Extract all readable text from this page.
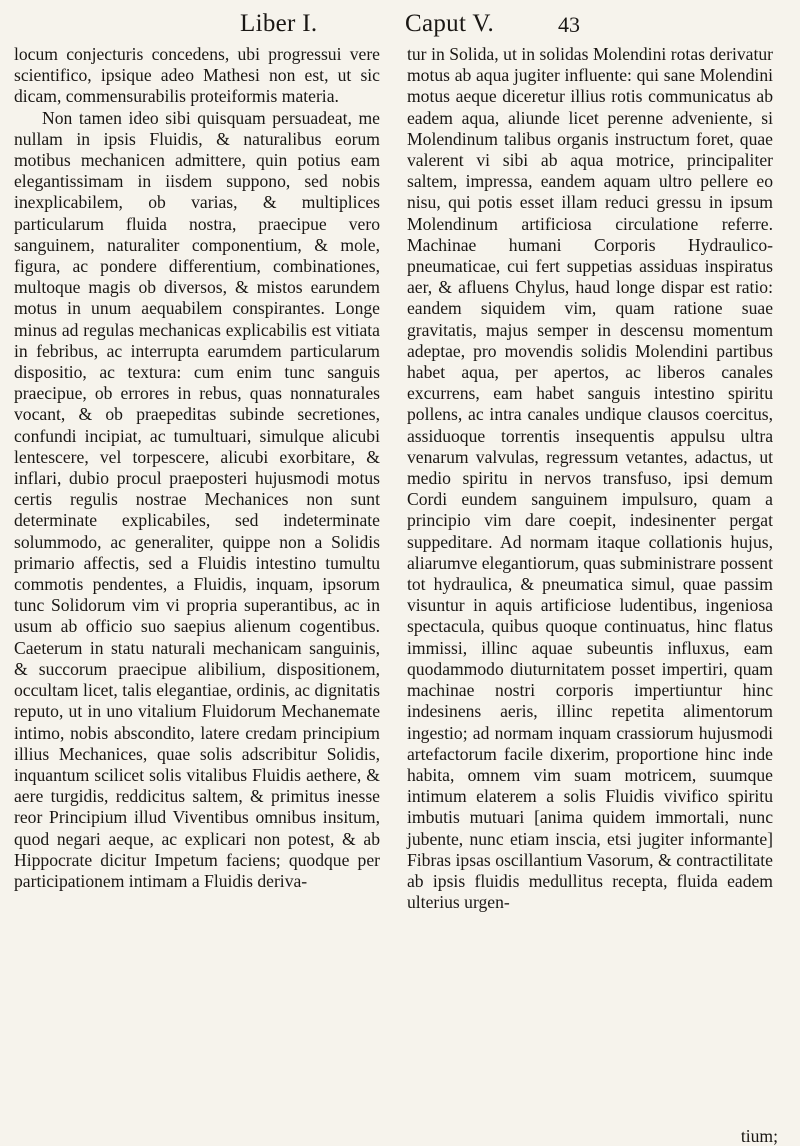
Liber I.	Caput V.	43

locum conjecturis concedens, ubi progressui vere scientifico, ipsique adeo Mathesi non est, ut sic dicam, commensurabilis proteiformis materia.

Non tamen ideo sibi quisquam persuadeat, me nullam in ipsis Fluidis, & naturalibus eorum motibus mechanicen admittere, quin potius eam elegantissimam in iisdem suppono, sed nobis inexplicabilem, ob varias, & multiplices particularum fluida nostra, praecipue vero sanguinem, naturaliter componentium, & mole, figura, ac pondere differentium, combinationes, multoque magis ob diversos, & mistos earundem motus in unum aequabilem conspirantes. Longe minus ad regulas mechanicas explicabilis est vitiata in febribus, ac interrupta earumdem particularum dispositio, ac textura: cum enim tunc sanguis praecipue, ob errores in rebus, quas nonnaturales vocant, & ob praepeditas subinde secretiones, confundi incipiat, ac tumultuari, simulque alicubi lentescere, vel torpescere, alicubi exorbitare, & inflari, dubio procul praeposteri hujusmodi motus certis regulis nostrae Mechanices non sunt determinate explicabiles, sed indeterminate solummodo, ac generaliter, quippe non a Solidis primario affectis, sed a Fluidis intestino tumultu commotis pendentes, a Fluidis, inquam, ipsorum tunc Solidorum vim vi propria superantibus, ac in usum ab officio suo saepius alienum cogentibus. Caeterum in statu naturali mechanicam sanguinis, & succorum praecipue alibilium, dispositionem, occultam licet, talis elegantiae, ordinis, ac dignitatis reputo, ut in uno vitalium Fluidorum Mechanemate intimo, nobis abscondito, latere credam principium illius Mechanices, quae solis adscribitur Solidis, inquantum scilicet solis vitalibus Fluidis aethere, & aere turgidis, reddicitus saltem, & primitus inesse reor Principium illud Viventibus omnibus insitum, quod negari aeque, ac explicari non potest, & ab Hippocrate dicitur Impetum faciens; quodque per participationem intimam a Fluidis deriva-

tur in Solida, ut in solidas Molendini rotas derivatur motus ab aqua jugiter influente: qui sane Molendini motus aeque diceretur illius rotis communicatus ab eadem aqua, aliunde licet perenne adveniente, si Molendinum talibus organis instructum foret, quae valerent vi sibi ab aqua motrice, principaliter saltem, impressa, eandem aquam ultro pellere eo nisu, qui potis esset illam reduci gressu in ipsum Molendinum artificiosa circulatione referre. Machinae humani Corporis Hydraulico-pneumaticae, cui fert suppetias assiduas inspiratus aer, & afluens Chylus, haud longe dispar est ratio: eandem siquidem vim, quam ratione suae gravitatis, majus semper in descensu momentum adeptae, pro movendis solidis Molendini partibus habet aqua, per apertos, ac liberos canales excurrens, eam habet sanguis intestino spiritu pollens, ac intra canales undique clausos coercitus, assiduoque torrentis insequentis appulsu ultra venarum valvulas, regressum vetantes, adactus, ut medio spiritu in nervos transfuso, ipsi demum Cordi eundem sanguinem impulsuro, quam a principio vim dare coepit, indesinenter pergat suppeditare. Ad normam itaque collationis hujus, aliarumve elegantiorum, quas subministrare possent tot hydraulica, & pneumatica simul, quae passim visuntur in aquis artificiose ludentibus, ingeniosa spectacula, quibus quoque continuatus, hinc flatus immissi, illinc aquae subeuntis influxus, eam quodammodo diuturnitatem posset impertiri, quam machinae nostri corporis impertiuntur hinc indesinens aeris, illinc repetita alimentorum ingestio; ad normam inquam crassiorum hujusmodi artefactorum facile dixerim, proportione hinc inde habita, omnem vim suam motricem, suumque intimum elaterem a solis Fluidis vivifico spiritu imbutis mutuari [anima quidem immortali, nunc jubente, nunc etiam inscia, etsi jugiter informante] Fibras ipsas oscillantium Vasorum, & contractilitate ab ipsis fluidis medullitus recepta, fluida eadem ulterius urgen-

tium;
